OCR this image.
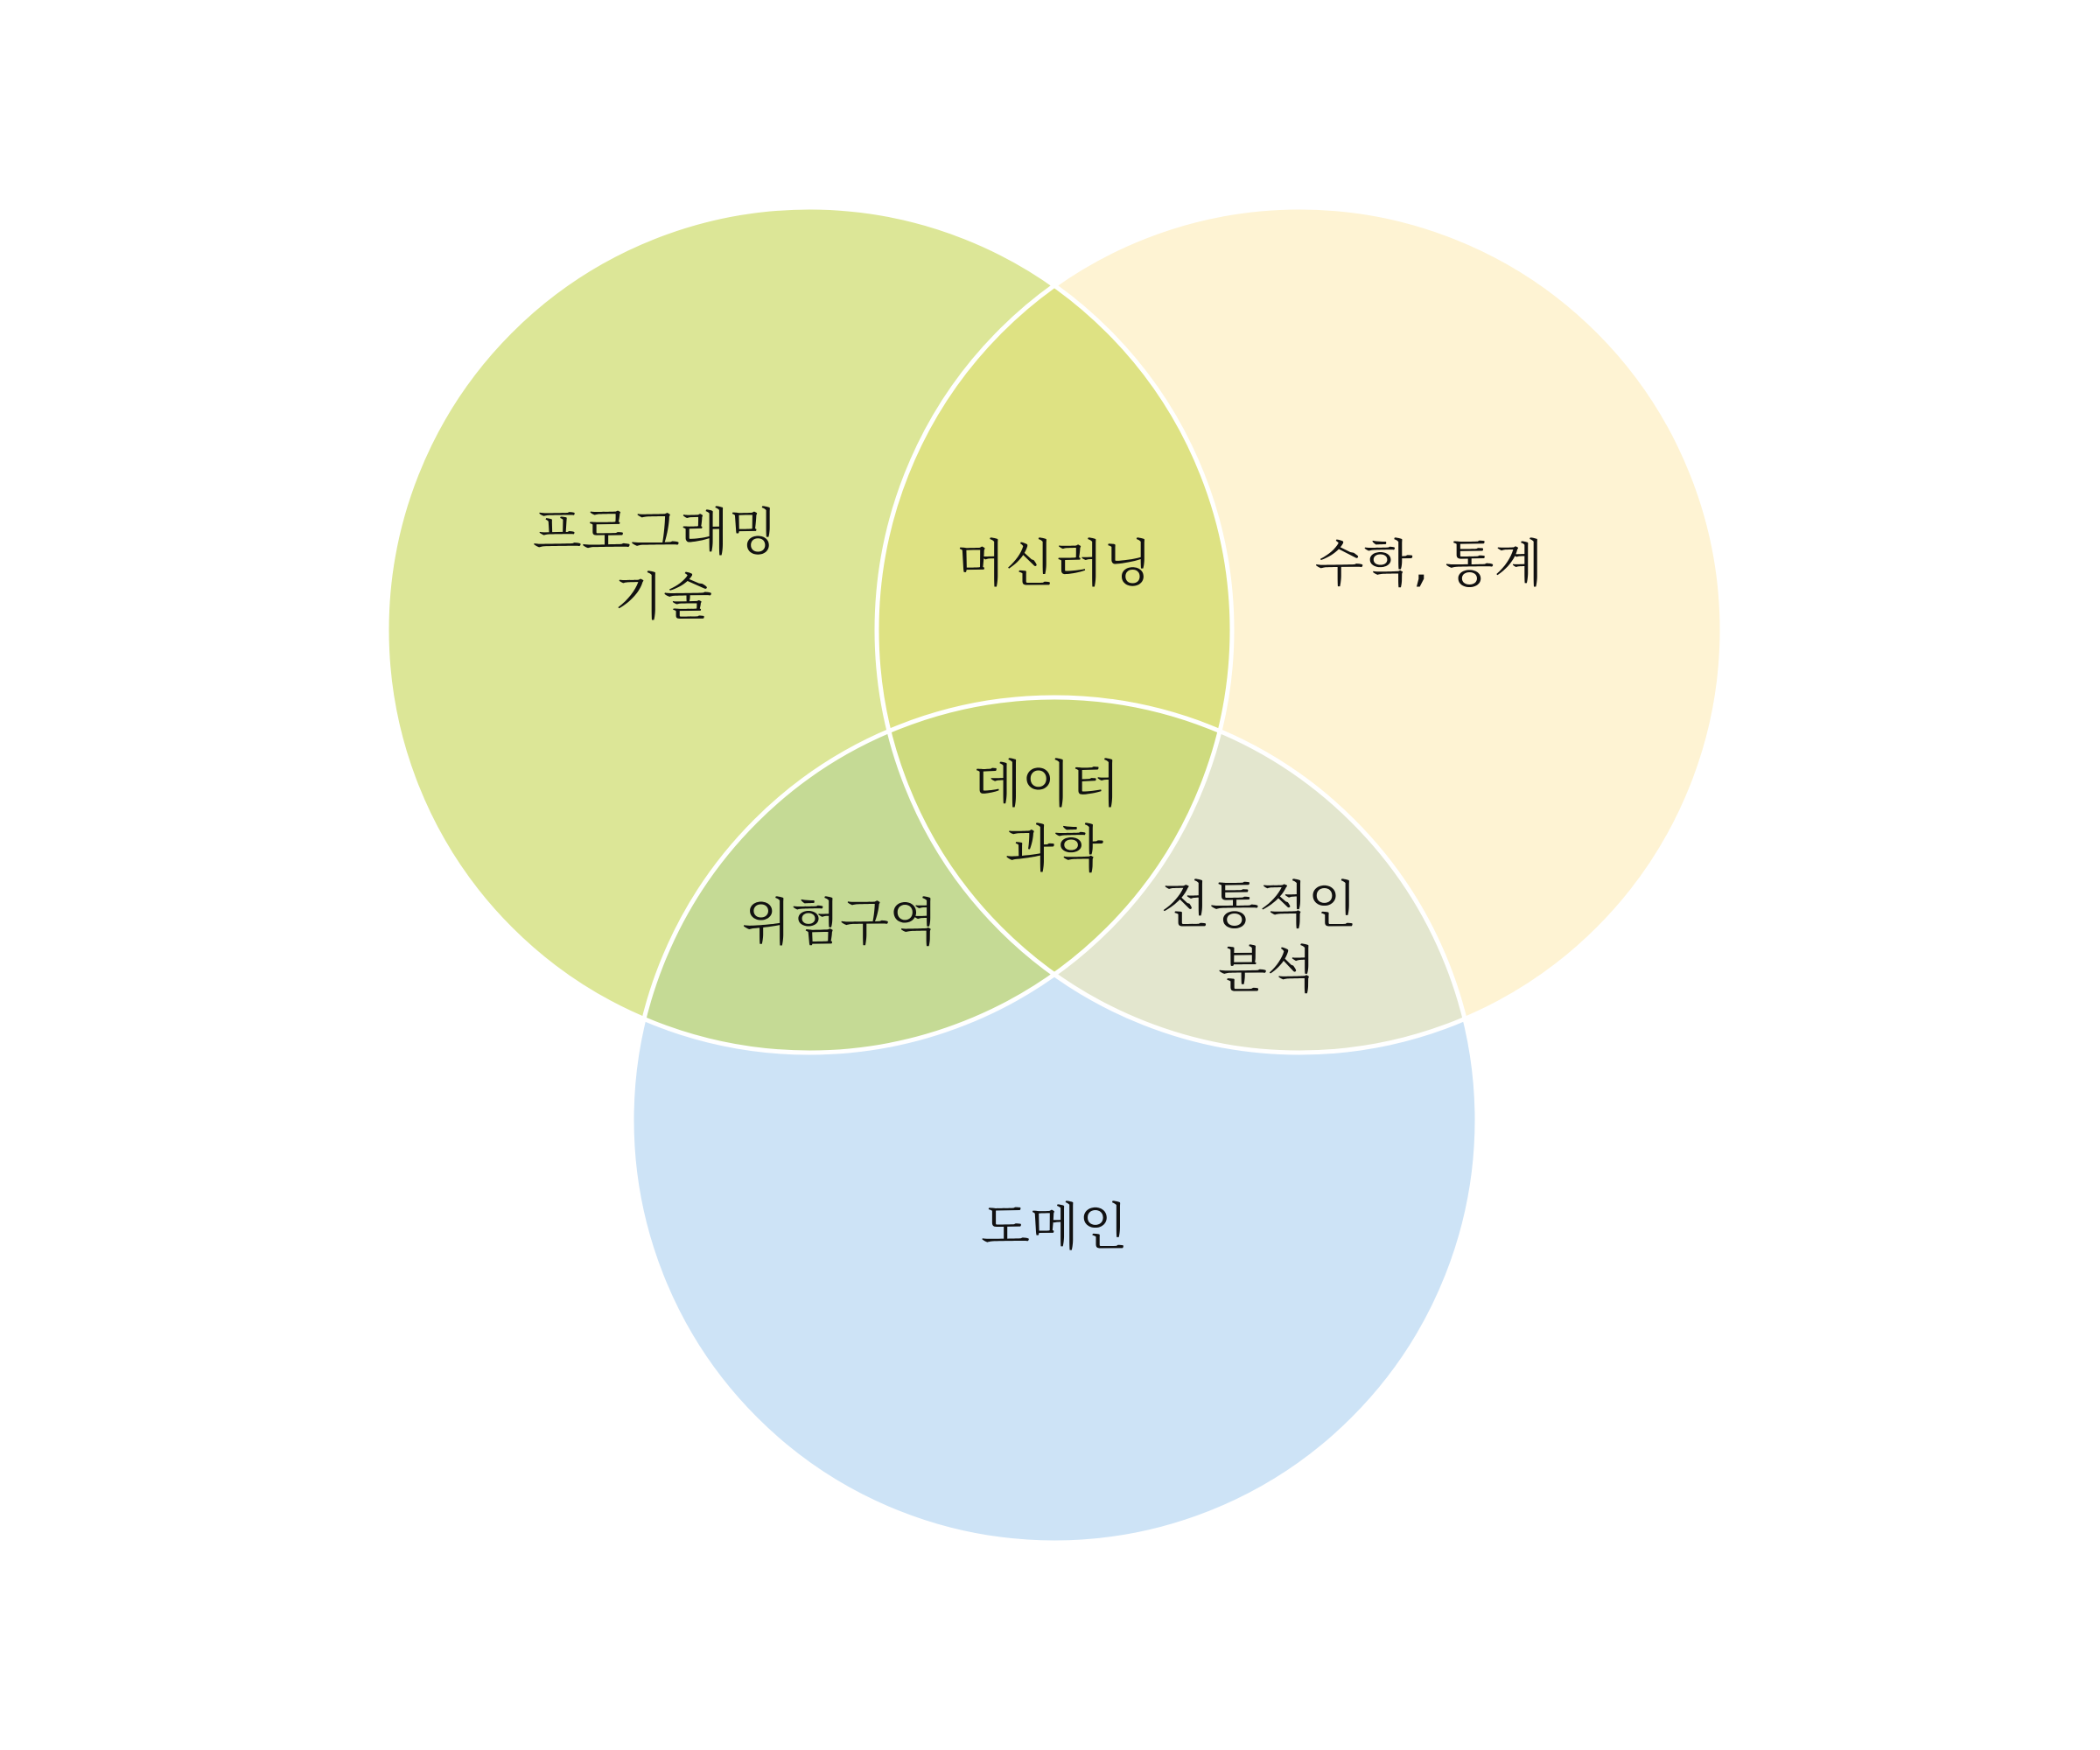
프로그래밍 기술
수학, 통계
도메인
머신러닝
위험구역	전통적인 분석
데이터 과학
